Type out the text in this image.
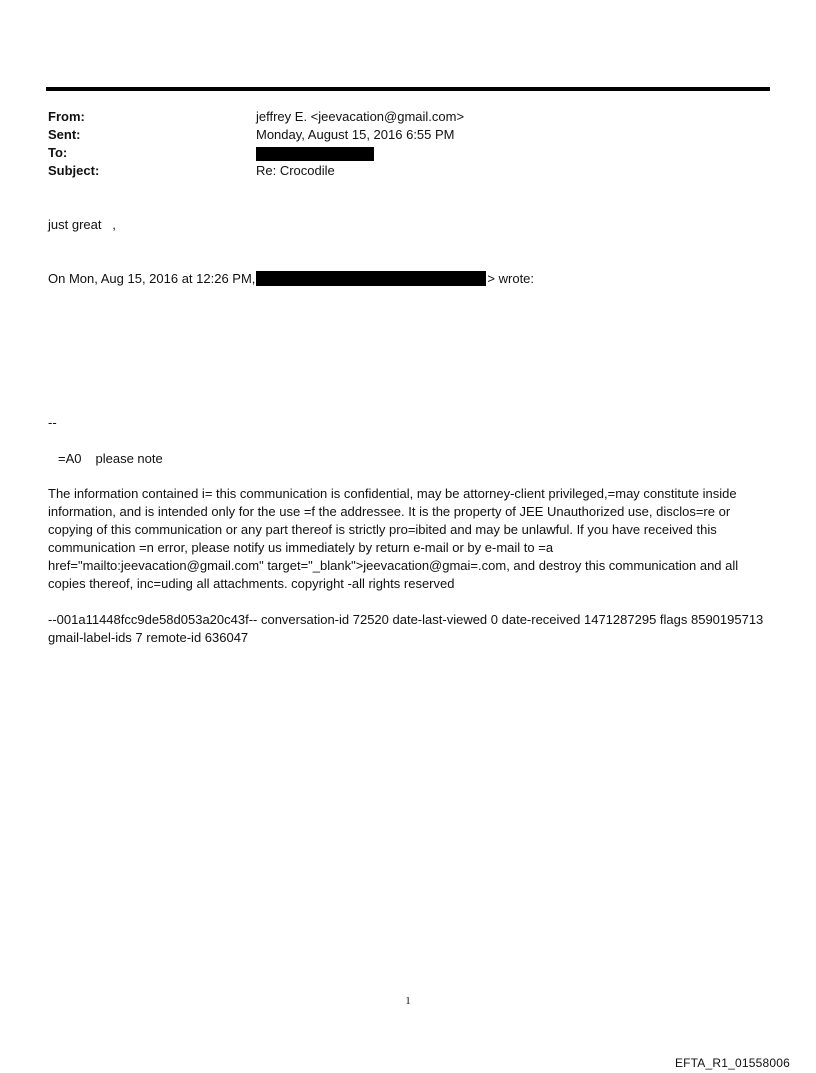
From:	jeffrey E. <jeevacation@gmail.com>
Sent:	Monday, August 15, 2016 6:55 PM
To:
Subject:	Re: Crocodile
just great   ,
On Mon, Aug 15, 2016 at 12:26 PM,	> wrote:
--
=A0 please note
The information contained i= this communication is confidential, may be attorney-client privileged,=may constitute inside information, and is intended only for the use =f the addressee. It is the property of JEE Unauthorized use, disclos=re or copying of this communication or any part thereof is strictly pro=ibited and may be unlawful. If you have received this communication =n error, please notify us immediately by return e-mail or by e-mail to =a href="mailto:jeevacation@gmail.com" target="_blank">jeevacation@gmai=.com, and destroy this communication and all copies thereof, inc=uding all attachments. copyright -all rights reserved
--001a11448fcc9de58d053a20c43f-- conversation-id 72520 date-last-viewed 0 date-received 1471287295 flags 8590195713 gmail-label-ids 7 remote-id 636047
1
EFTA_R1_01558006
